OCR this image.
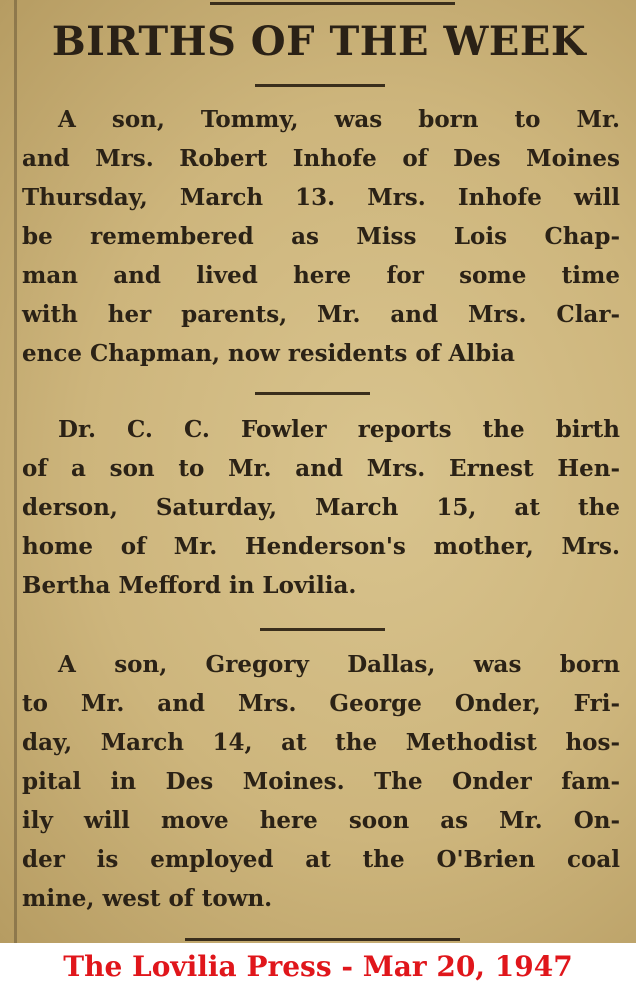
BIRTHS OF THE WEEK
A son, Tommy, was born to Mr.
and Mrs. Robert Inhofe of Des Moines
Thursday, March 13. Mrs. Inhofe will
be remembered as Miss Lois Chap-
man and lived here for some time
with her parents, Mr. and Mrs. Clar-
ence Chapman, now residents of Albia
Dr. C. C. Fowler reports the birth
of a son to Mr. and Mrs. Ernest Hen-
derson, Saturday, March 15, at the
home of Mr. Henderson's mother, Mrs.
Bertha Mefford in Lovilia.
A son, Gregory Dallas, was born
to Mr. and Mrs. George Onder, Fri-
day, March 14, at the Methodist hos-
pital in Des Moines. The Onder fam-
ily will move here soon as Mr. On-
der is employed at the O'Brien coal
mine, west of town.
The Lovilia Press - Mar 20, 1947
